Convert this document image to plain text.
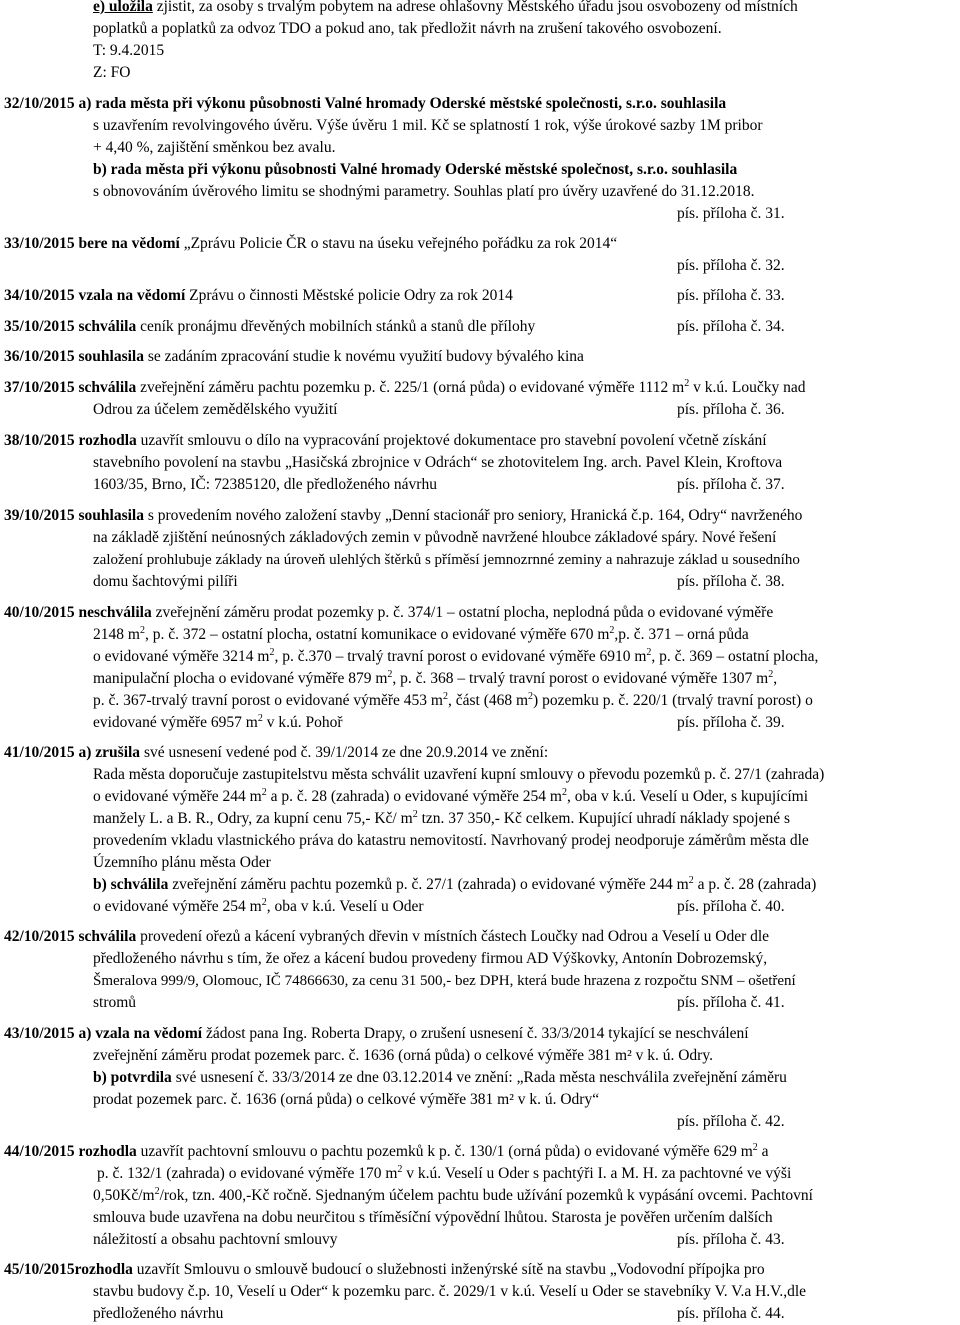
e) uložila zjistit, za osoby s trvalým pobytem na adrese ohlašovny Městského úřadu jsou osvobozeny od místních
poplatků a poplatků za odvoz TDO a pokud ano, tak předložit návrh na zrušení takového osvobození.
T: 9.4.2015
Z: FO
32/10/2015 a) rada města při výkonu působnosti Valné hromady Oderské městské společnosti, s.r.o. souhlasila
s uzavřením revolvingového úvěru. Výše úvěru 1 mil. Kč se splatností 1 rok, výše úrokové sazby 1M pribor
+ 4,40 %, zajištění směnkou bez avalu.
b) rada města při výkonu působnosti Valné hromady Oderské městské společnost, s.r.o. souhlasila
s obnovováním úvěrového limitu se shodnými parametry. Souhlas platí pro úvěry uzavřené do 31.12.2018.
pís. příloha č. 31.
33/10/2015 bere na vědomí „Zprávu Policie ČR o stavu na úseku veřejného pořádku za rok 2014“
pís. příloha č. 32.
34/10/2015 vzala na vědomí Zprávu o činnosti Městské policie Odry za rok 2014	pís. příloha č. 33.
35/10/2015 schválila ceník pronájmu dřevěných mobilních stánků a stanů dle přílohy	pís. příloha č. 34.
36/10/2015 souhlasila se zadáním zpracování studie k novému využití budovy bývalého kina
37/10/2015 schválila zveřejnění záměru pachtu pozemku p. č. 225/1 (orná půda) o evidované výměře 1112 $m^2$ v k.ú. Loučky nad
Odrou za účelem zemědělského využití	pís. příloha č. 36.
38/10/2015 rozhodla uzavřít smlouvu o dílo na vypracování projektové dokumentace pro stavební povolení včetně získání
stavebního povolení na stavbu „Hasičská zbrojnice v Odrách“ se zhotovitelem Ing. arch. Pavel Klein, Kroftova
1603/35, Brno, IČ: 72385120, dle předloženého návrhu	pís. příloha č. 37.
39/10/2015 souhlasila s provedením nového založení stavby „Denní stacionář pro seniory, Hranická č.p. 164, Odry“ navrženého
na základě zjištění neúnosných základových zemin v původně navržené hloubce základové spáry. Nové řešení
založení prohlubuje základy na úroveň ulehlých štěrků s příměsí jemnozrnné zeminy a nahrazuje základ u sousedního
domu šachtovými pilíři	pís. příloha č. 38.
40/10/2015 neschválila zveřejnění záměru prodat pozemky p. č. 374/1 – ostatní plocha, neplodná půda o evidované výměře
2148 $m^2$, p. č. 372 – ostatní plocha, ostatní komunikace o evidované výměře 670 $m^2,p$. č. 371 – orná půda
o evidované výměře 3214 $m^2$, p. č.370 – trvalý travní porost o evidované výměře 6910 $m^2$, p. č. 369 – ostatní plocha,
manipulační plocha o evidované výměře 879 $m^2$, p. č. 368 – trvalý travní porost o evidované výměře 1307 $m^2$,
p. č. 367-trvalý travní porost o evidované výměře 453 $m^2$, část (468 $m^2$) pozemku p. č. 220/1 (trvalý travní porost) o
evidované výměře 6957 $m^2$ v k.ú. Pohoř	pís. příloha č. 39.
41/10/2015 a) zrušila své usnesení vedené pod č. 39/1/2014 ze dne 20.9.2014 ve znění:
Rada města doporučuje zastupitelstvu města schválit uzavření kupní smlouvy o převodu pozemků p. č. 27/1 (zahrada)
o evidované výměře 244 $m^2$ a p. č. 28 (zahrada) o evidované výměře 254 $m^2$, oba v k.ú. Veselí u Oder, s kupujícími
manžely L. a B. R., Odry, za kupní cenu 75,- Kč/ $m^2$ tzn. 37 350,- Kč celkem. Kupující uhradí náklady spojené s
provedením vkladu vlastnického práva do katastru nemovitostí. Navrhovaný prodej neodporuje záměrům města dle
Územního plánu města Oder
b) schválila zveřejnění záměru pachtu pozemků p. č. 27/1 (zahrada) o evidované výměře 244 $m^2$ a p. č. 28 (zahrada)
o evidované výměře 254 $m^2$, oba v k.ú. Veselí u Oder	pís. příloha č. 40.
42/10/2015 schválila provedení ořezů a kácení vybraných dřevin v místních částech Loučky nad Odrou a Veselí u Oder dle
předloženého návrhu s tím, že ořez a kácení budou provedeny firmou AD Výškovky, Antonín Dobrozemský,
Šmeralova 999/9, Olomouc, IČ 74866630, za cenu 31 500,- bez DPH, která bude hrazena z rozpočtu SNM – ošetření
stromů	pís. příloha č. 41.
43/10/2015 a) vzala na vědomí žádost pana Ing. Roberta Drapy, o zrušení usnesení č. 33/3/2014 tykající se neschválení
zveřejnění záměru prodat pozemek parc. č. 1636 (orná půda) o celkové výměře 381 m² v k. ú. Odry.
b) potvrdila své usnesení č. 33/3/2014 ze dne 03.12.2014 ve znění: „Rada města neschválila zveřejnění záměru
prodat pozemek parc. č. 1636 (orná půda) o celkové výměře 381 m² v k. ú. Odry“
pís. příloha č. 42.
44/10/2015 rozhodla uzavřít pachtovní smlouvu o pachtu pozemků k p. č. 130/1 (orná půda) o evidované výměře 629 $m^2$ a
p. č. 132/1 (zahrada) o evidované výměře 170 $m^2$ v k.ú. Veselí u Oder s pachtýři I. a M. H. za pachtovné ve výši
$0,50Kč/m^2$/rok, tzn. 400,-Kč ročně. Sjednaným účelem pachtu bude užívání pozemků k vypásání ovcemi. Pachtovní
smlouva bude uzavřena na dobu neurčitou s tříměsíční výpovědní lhůtou. Starosta je pověřen určením dalších
náležitostí a obsahu pachtovní smlouvy	pís. příloha č. 43.
45/10/2015rozhodla uzavřít Smlouvu o smlouvě budoucí o služebnosti inženýrské sítě na stavbu „Vodovodní přípojka pro
stavbu budovy č.p. 10, Veselí u Oder“ k pozemku parc. č. 2029/1 v k.ú. Veselí u Oder se stavebníky V. V.a H.V.,dle
předloženého návrhu	pís. příloha č. 44.
